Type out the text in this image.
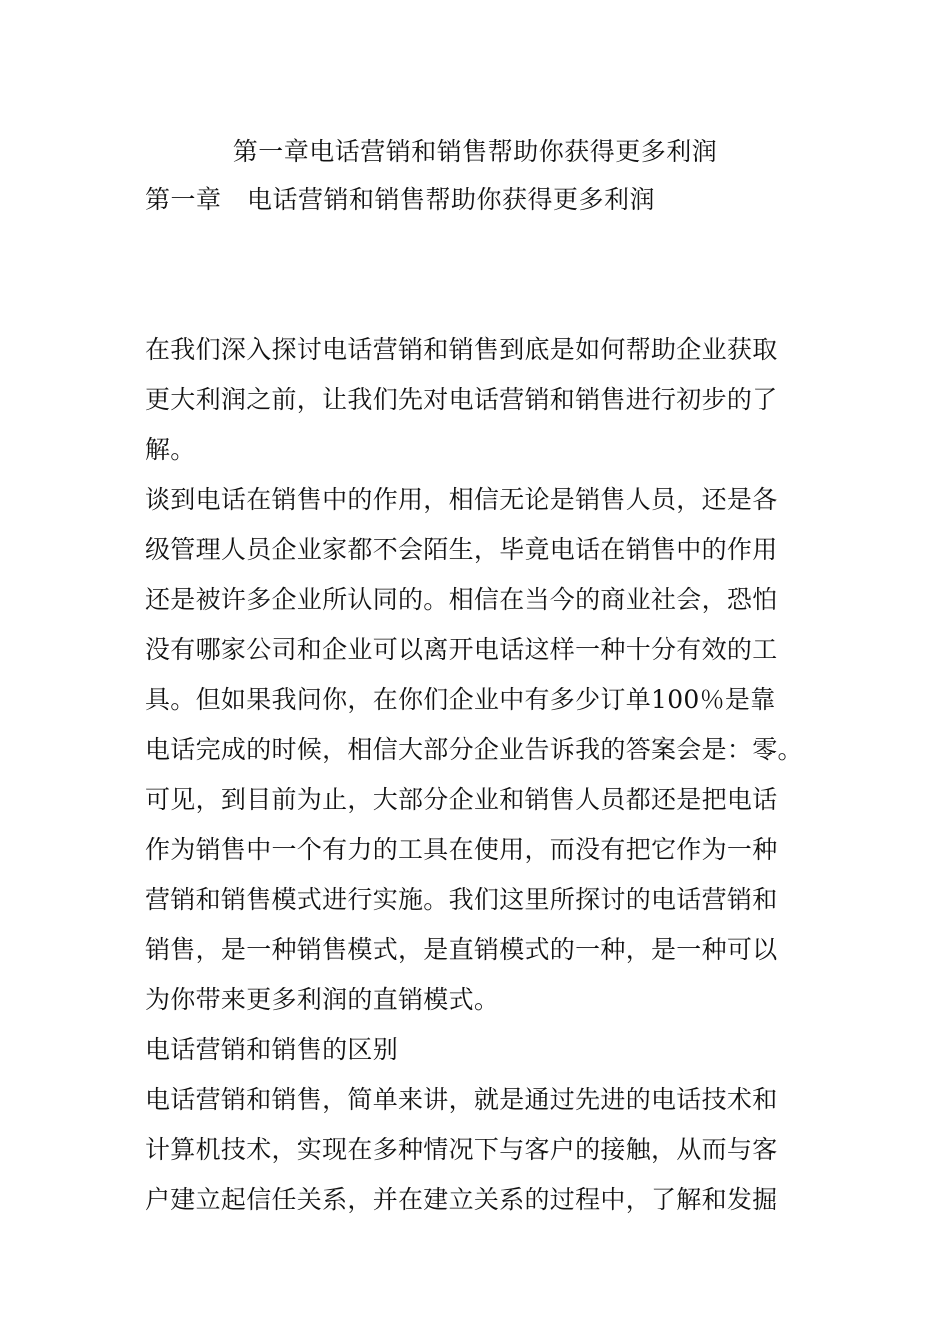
第一章电话营销和销售帮助你获得更多利润
第一章　电话营销和销售帮助你获得更多利润
在我们深入探讨电话营销和销售到底是如何帮助企业获取
更大利润之前，让我们先对电话营销和销售进行初步的了
解。
谈到电话在销售中的作用，相信无论是销售人员，还是各
级管理人员企业家都不会陌生，毕竟电话在销售中的作用
还是被许多企业所认同的。相信在当今的商业社会，恐怕
没有哪家公司和企业可以离开电话这样一种十分有效的工
具。但如果我问你，在你们企业中有多少订单100％是靠
电话完成的时候，相信大部分企业告诉我的答案会是：零。
可见，到目前为止，大部分企业和销售人员都还是把电话
作为销售中一个有力的工具在使用，而没有把它作为一种
营销和销售模式进行实施。我们这里所探讨的电话营销和
销售，是一种销售模式，是直销模式的一种，是一种可以
为你带来更多利润的直销模式。
电话营销和销售的区别
电话营销和销售，简单来讲，就是通过先进的电话技术和
计算机技术，实现在多种情况下与客户的接触，从而与客
户建立起信任关系，并在建立关系的过程中，了解和发掘
